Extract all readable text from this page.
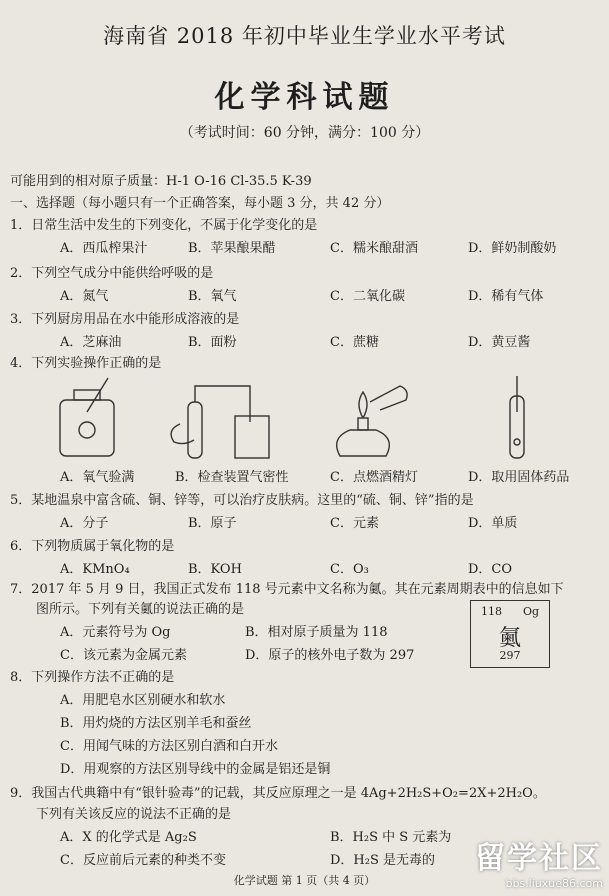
海南省 2018 年初中毕业生学业水平考试
化学科试题
（考试时间：60 分钟，满分：100 分）
可能用到的相对原子质量：H-1 O-16 Cl-35.5 K-39
一、选择题（每小题只有一个正确答案，每小题 3 分，共 42 分）
1．日常生活中发生的下列变化，不属于化学变化的是
A．西瓜榨果汁	B．苹果酿果醋	C．糯米酿甜酒	D．鲜奶制酸奶
2．下列空气成分中能供给呼吸的是
A．氮气	B．氧气	C．二氧化碳	D．稀有气体
3．下列厨房用品在水中能形成溶液的是
A．芝麻油	B．面粉	C．蔗糖	D．黄豆酱
4．下列实验操作正确的是
A．氧气验满	B．检查装置气密性	C．点燃酒精灯	D．取用固体药品
5．某地温泉中富含硫、铜、锌等，可以治疗皮肤病。这里的“硫、铜、锌”指的是
A．分子	B．原子	C．元素	D．单质
6．下列物质属于氧化物的是
A．KMnO₄	B．KOH	C．O₃	D．CO
7．2017 年 5 月 9 日，我国正式发布 118 号元素中文名称为鿫。其在元素周期表中的信息如下
图所示。下列有关鿫的说法正确的是
A．元素符号为 Og	B．相对原子质量为 118
C．该元素为金属元素	D．原子的核外电子数为 297
118 Og
鿫
297
8．下列操作方法不正确的是
A．用肥皂水区别硬水和软水
B．用灼烧的方法区别羊毛和蚕丝
C．用闻气味的方法区别白酒和白开水
D．用观察的方法区别导线中的金属是铝还是铜
9．我国古代典籍中有“银针验毒”的记载，其反应原理之一是 4Ag+2H₂S+O₂=2X+2H₂O。
下列有关该反应的说法不正确的是
A．X 的化学式是 Ag₂S	B．H₂S 中 S 元素为
C．反应前后元素的种类不变	D．H₂S 是无毒的
化学试题 第 1 页（共 4 页）
留学社区
bbs.liuxue86.com
